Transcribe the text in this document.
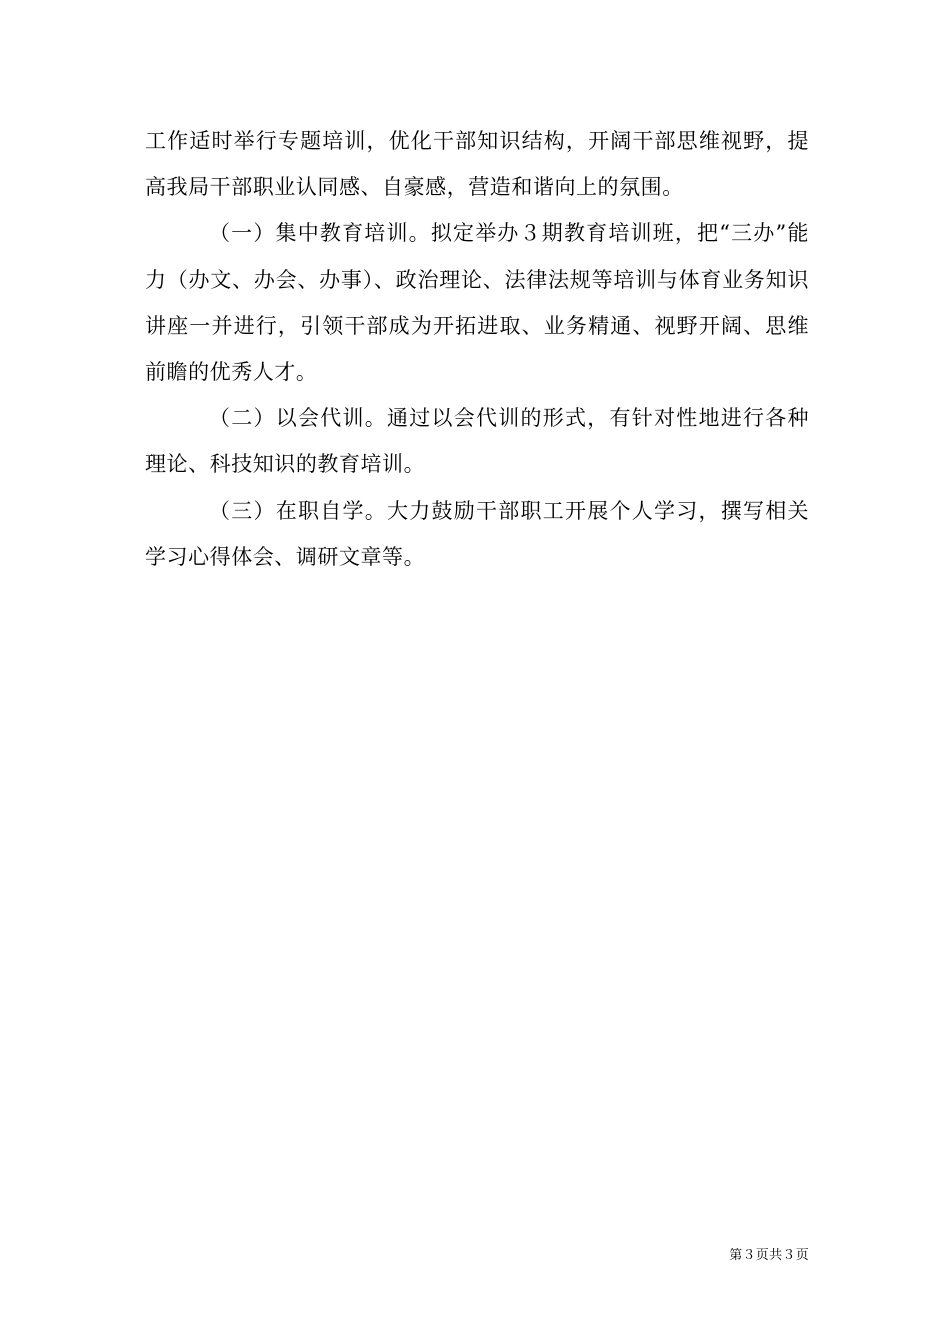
工作适时举行专题培训，优化干部知识结构，开阔干部思维视野，提高我局干部职业认同感、自豪感，营造和谐向上的氛围。

（一）集中教育培训。拟定举办３期教育培训班，把“三办”能力（办文、办会、办事）、政治理论、法律法规等培训与体育业务知识讲座一并进行，引领干部成为开拓进取、业务精通、视野开阔、思维前瞻的优秀人才。

（二）以会代训。通过以会代训的形式，有针对性地进行各种理论、科技知识的教育培训。

（三）在职自学。大力鼓励干部职工开展个人学习，撰写相关学习心得体会、调研文章等。

第３页共３页
